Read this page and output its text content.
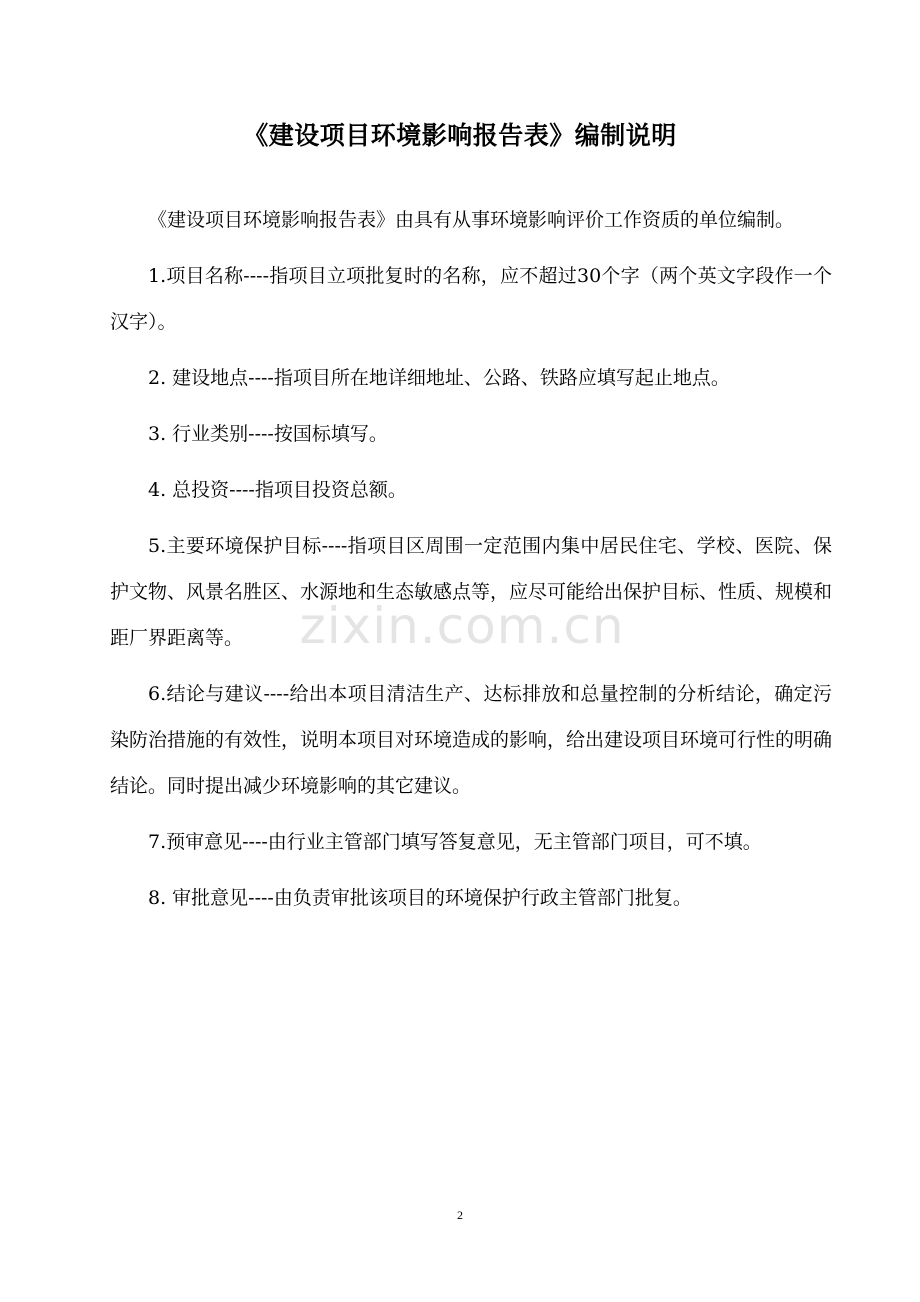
《建设项目环境影响报告表》编制说明

《建设项目环境影响报告表》由具有从事环境影响评价工作资质的单位编制。

1.项目名称----指项目立项批复时的名称，应不超过30个字（两个英文字段作一个汉字）。

2. 建设地点----指项目所在地详细地址、公路、铁路应填写起止地点。

3. 行业类别----按国标填写。

4. 总投资----指项目投资总额。

5.主要环境保护目标----指项目区周围一定范围内集中居民住宅、学校、医院、保护文物、风景名胜区、水源地和生态敏感点等，应尽可能给出保护目标、性质、规模和距厂界距离等。

6.结论与建议----给出本项目清洁生产、达标排放和总量控制的分析结论，确定污染防治措施的有效性，说明本项目对环境造成的影响，给出建设项目环境可行性的明确结论。同时提出减少环境影响的其它建议。

7.预审意见----由行业主管部门填写答复意见，无主管部门项目，可不填。

8. 审批意见----由负责审批该项目的环境保护行政主管部门批复。

zixin.com.cn
2
